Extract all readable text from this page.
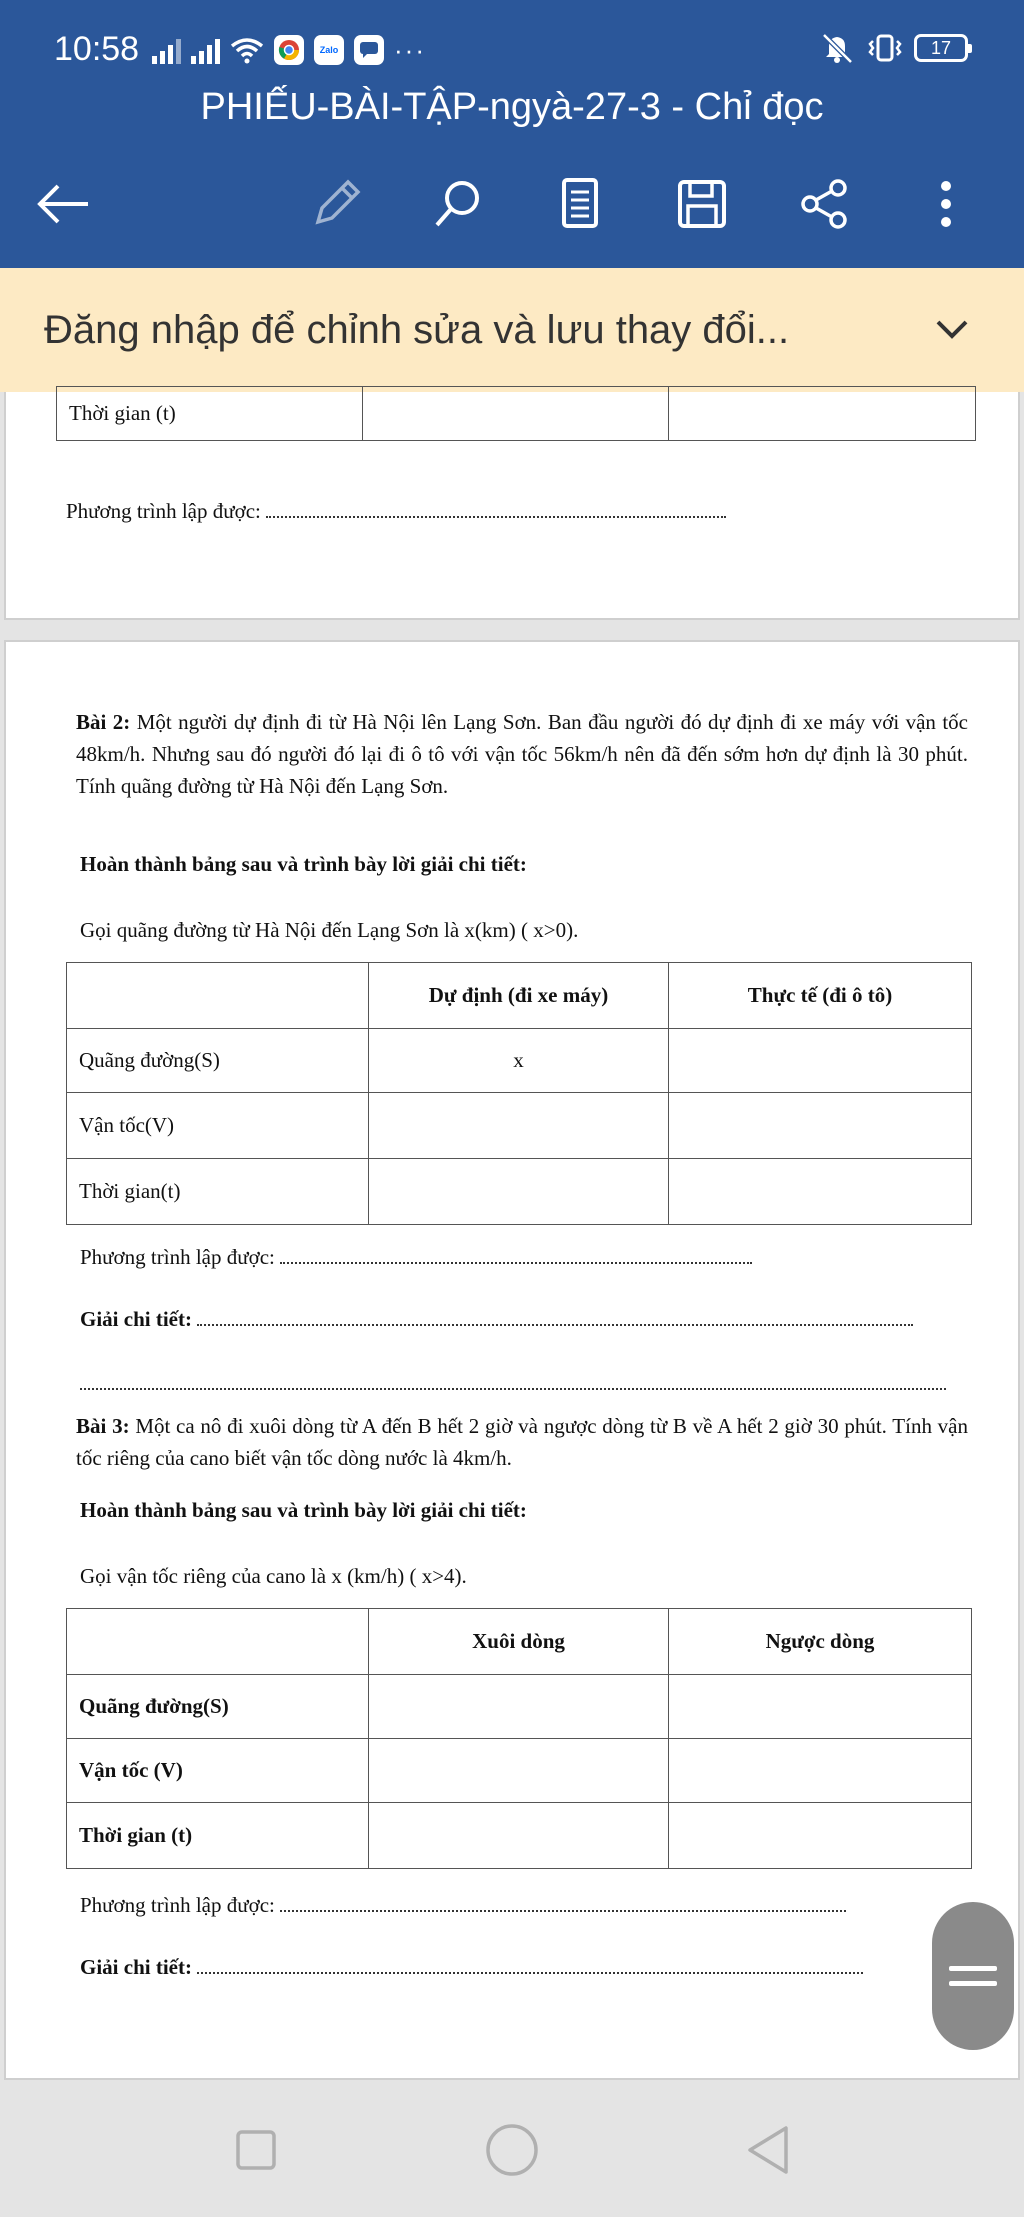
10:58	Zalo ···	17
PHIẾU-BÀI-TẬP-ngyà-27-3 - Chỉ đọc
Đăng nhập để chỉnh sửa và lưu thay đổi...
Thời gian (t)		
Phương trình lập được:

Bài 2: Một người dự định đi từ Hà Nội lên Lạng Sơn. Ban đầu người đó dự định đi xe máy với vận tốc 48km/h. Nhưng sau đó người đó lại đi ô tô với vận tốc 56km/h nên đã đến sớm hơn dự định là 30 phút. Tính quãng đường từ Hà Nội đến Lạng Sơn.

Hoàn thành bảng sau và trình bày lời giải chi tiết:
Gọi quãng đường từ Hà Nội đến Lạng Sơn là x(km) ( x>0).
	Dự định (đi xe máy)	Thực tế (đi ô tô)
Quãng đường(S)	x	
Vận tốc(V)		
Thời gian(t)		
Phương trình lập được:
Giải chi tiết:

Bài 3: Một ca nô đi xuôi dòng từ A đến B hết 2 giờ và ngược dòng từ B về A hết 2 giờ 30 phút. Tính vận tốc riêng của cano biết vận tốc dòng nước là 4km/h.

Hoàn thành bảng sau và trình bày lời giải chi tiết:
Gọi vận tốc riêng của cano là x (km/h) ( x>4).
	Xuôi dòng	Ngược dòng
Quãng đường(S)		
Vận tốc (V)		
Thời gian (t)		
Phương trình lập được:
Giải chi tiết:
